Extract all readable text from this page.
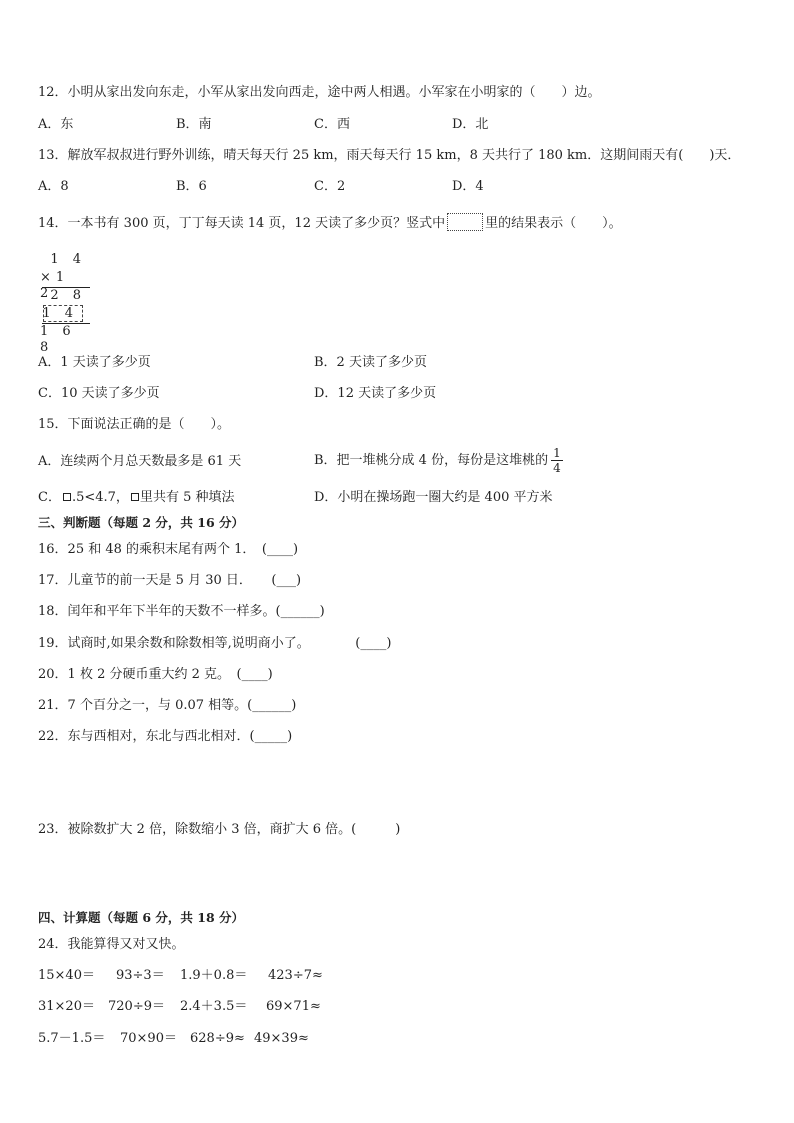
12．小明从家出发向东走，小军从家出发向西走，途中两人相遇。小军家在小明家的（　　）边。
A．东	B．南	C．西	D．北
13．解放军叔叔进行野外训练，晴天每天行 25 km，雨天每天行 15 km，8 天共行了 180 km．这期间雨天有(　　)天．
A．8	B．6	C．2	D．4
14．一本书有 300 页，丁丁每天读 14 页，12 天读了多少页？竖式中	里的结果表示（　　）。
1 4
×1 2
2 8
1 4
1 6 8
A．1 天读了多少页	B．2 天读了多少页
C．10 天读了多少页	D．12 天读了多少页
15．下面说法正确的是（　　）。
A．连续两个月总天数最多是 61 天	B．把一堆桃分成 4 份，每份是这堆桃的 $\frac{1}{4}$
C． .5<4.7， 里共有 5 种填法	D．小明在操场跑一圈大约是 400 平方米
三、判断题（每题 2 分，共 16 分）
16．25 和 48 的乘积末尾有两个 1．　(____)
17．儿童节的前一天是 5 月 30 日．　　(___)
18．闰年和平年下半年的天数不一样多。(______)
19．试商时,如果余数和除数相等,说明商小了。　　　　(____)
20．1 枚 2 分硬币重大约 2 克。　(____)
21．7 个百分之一，与 0.07 相等。(______)
22．东与西相对，东北与西北相对．(_____)
23．被除数扩大 2 倍，除数缩小 3 倍，商扩大 6 倍。(　　　)
四、计算题（每题 6 分，共 18 分）
24．我能算得又对又快。
15×40＝ 93÷3＝ 1.9＋0.8＝ 423÷7≈
31×20＝ 720÷9＝ 2.4＋3.5＝ 69×71≈
5.7－1.5＝ 70×90＝ 628÷9≈ 49×39≈
